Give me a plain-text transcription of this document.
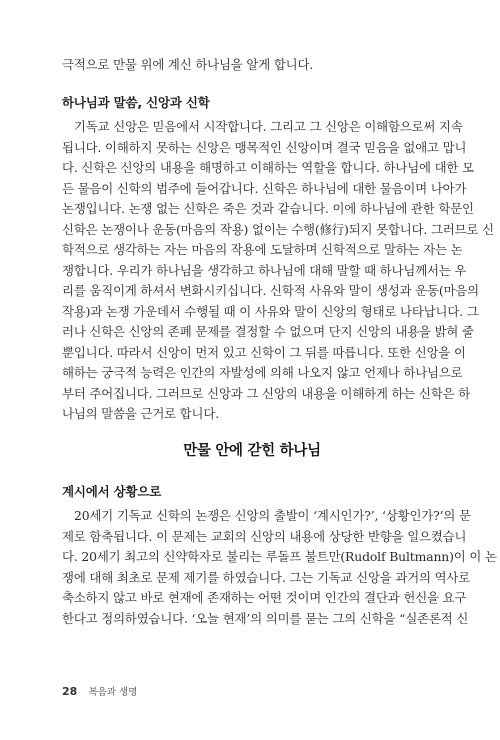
극적으로 만물 위에 계신 하나님을 알게 합니다.
하나님과 말씀, 신앙과 신학
기독교 신앙은 믿음에서 시작합니다. 그리고 그 신앙은 이해함으로써 지속
됩니다. 이해하지 못하는 신앙은 맹목적인 신앙이며 결국 믿음을 없애고 맙니
다. 신학은 신앙의 내용을 해명하고 이해하는 역할을 합니다. 하나님에 대한 모
든 물음이 신학의 범주에 들어갑니다. 신학은 하나님에 대한 물음이며 나아가
논쟁입니다. 논쟁 없는 신학은 죽은 것과 같습니다. 이에 하나님에 관한 학문인
신학은 논쟁이나 운동(마음의 작용) 없이는 수행(修行)되지 못합니다. 그러므로 신
학적으로 생각하는 자는 마음의 작용에 도달하며 신학적으로 말하는 자는 논
쟁합니다. 우리가 하나님을 생각하고 하나님에 대해 말할 때 하나님께서는 우
리를 움직이게 하셔서 변화시키십니다. 신학적 사유와 말이 생성과 운동(마음의
작용)과 논쟁 가운데서 수행될 때 이 사유와 말이 신앙의 형태로 나타납니다. 그
러나 신학은 신앙의 존폐 문제를 결정할 수 없으며 단지 신앙의 내용을 밝혀 줄
뿐입니다. 따라서 신앙이 먼저 있고 신학이 그 뒤를 따릅니다. 또한 신앙을 이
해하는 궁극적 능력은 인간의 자발성에 의해 나오지 않고 언제나 하나님으로
부터 주어집니다. 그러므로 신앙과 그 신앙의 내용을 이해하게 하는 신학은 하
나님의 말씀을 근거로 합니다.
만물 안에 갇힌 하나님
계시에서 상황으로
20세기 기독교 신학의 논쟁은 신앙의 출발이 ‘계시인가?’, ‘상황인가?’의 문
제로 함축됩니다. 이 문제는 교회의 신앙의 내용에 상당한 반향을 일으켰습니
다. 20세기 최고의 신약학자로 불리는 루돌프 불트만(Rudolf Bultmann)이 이 논
쟁에 대해 최초로 문제 제기를 하였습니다. 그는 기독교 신앙을 과거의 역사로
축소하지 않고 바로 현재에 존재하는 어떤 것이며 인간의 결단과 헌신을 요구
한다고 정의하였습니다. ‘오늘 현재’의 의미를 묻는 그의 신학을 “실존론적 신
28 복음과 생명
